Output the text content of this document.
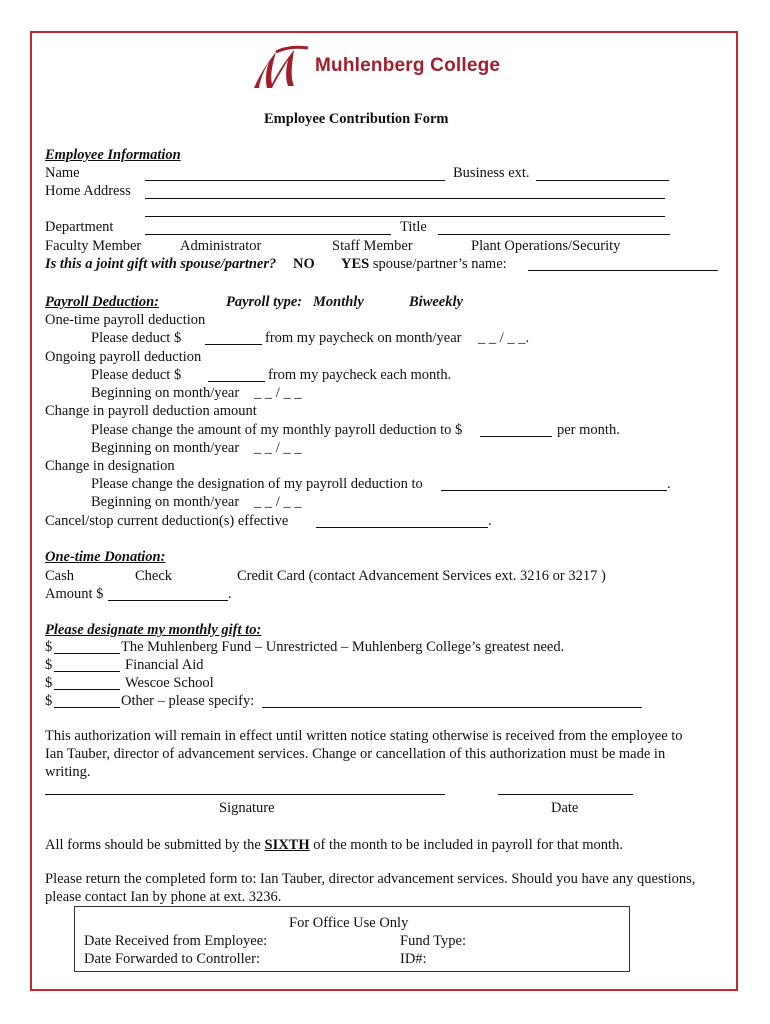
Muhlenberg College
Employee Contribution Form
Employee Information
Name	Business ext.
Home Address
Department	Title
Faculty Member	Administrator	Staff Member	Plant Operations/Security
Is this a joint gift with spouse/partner? NO YES spouse/partner’s name:
Payroll Deduction:	Payroll type: Monthly	Biweekly
One-time payroll deduction
Please deduct $	from my paycheck on month/year _ _ / _ _.
Ongoing payroll deduction
Please deduct $	from my paycheck each month.
Beginning on month/year _ _ / _ _
Change in payroll deduction amount
Please change the amount of my monthly payroll deduction to $	per month.
Beginning on month/year _ _ / _ _
Change in designation
Please change the designation of my payroll deduction to	.
Beginning on month/year _ _ / _ _
Cancel/stop current deduction(s) effective	.
One-time Donation:
Cash	Check	Credit Card (contact Advancement Services ext. 3216 or 3217 )
Amount $	.
Please designate my monthly gift to:
$	The Muhlenberg Fund – Unrestricted – Muhlenberg College’s greatest need.
$	Financial Aid
$	Wescoe School
$	Other – please specify:
This authorization will remain in effect until written notice stating otherwise is received from the employee to
Ian Tauber, director of advancement services. Change or cancellation of this authorization must be made in
writing.
Signature	Date
All forms should be submitted by the SIXTH of the month to be included in payroll for that month.
Please return the completed form to: Ian Tauber, director advancement services. Should you have any questions,
please contact Ian by phone at ext. 3236.
For Office Use Only
Date Received from Employee:	Fund Type:
Date Forwarded to Controller:	ID#:
